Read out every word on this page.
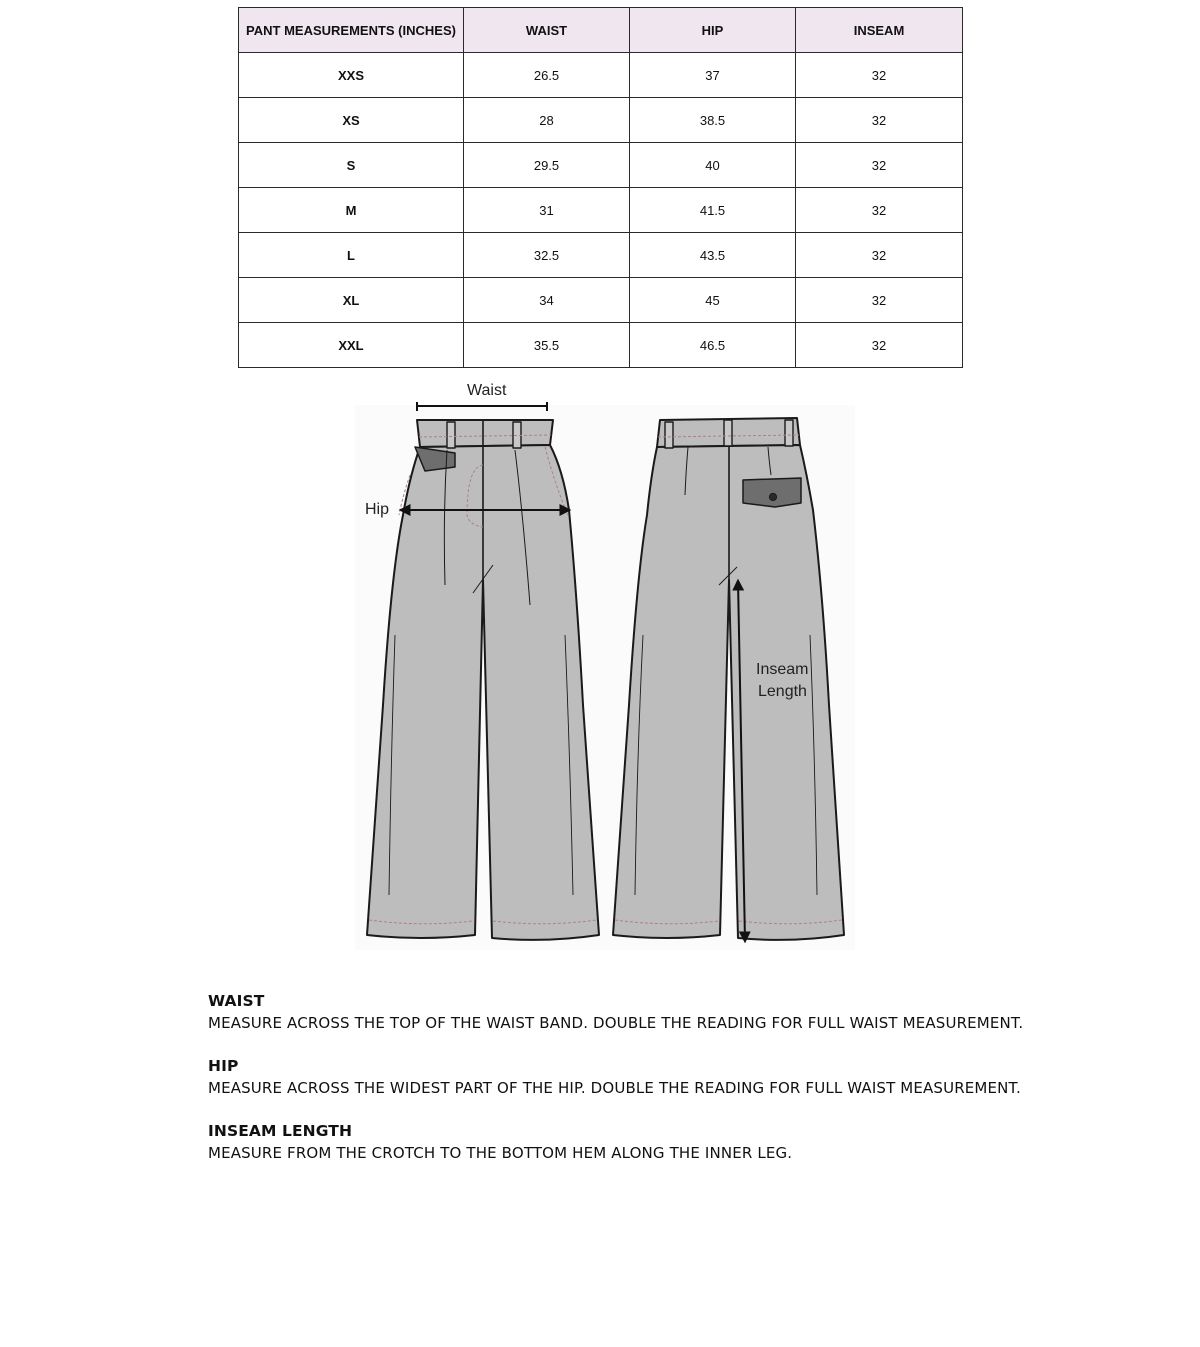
PANT MEASUREMENTS (INCHES)	WAIST	HIP	INSEAM
XXS	26.5	37	32
XS	28	38.5	32
S	29.5	40	32
M	31	41.5	32
L	32.5	43.5	32
XL	34	45	32
XXL	35.5	46.5	32
Waist
Hip
Inseam
Length
WAIST
MEASURE ACROSS THE TOP OF THE WAIST BAND. DOUBLE THE READING FOR FULL WAIST MEASUREMENT.
HIP
MEASURE ACROSS THE WIDEST PART OF THE HIP. DOUBLE THE READING FOR FULL WAIST MEASUREMENT.
INSEAM LENGTH
MEASURE FROM THE CROTCH TO THE BOTTOM HEM ALONG THE INNER LEG.
